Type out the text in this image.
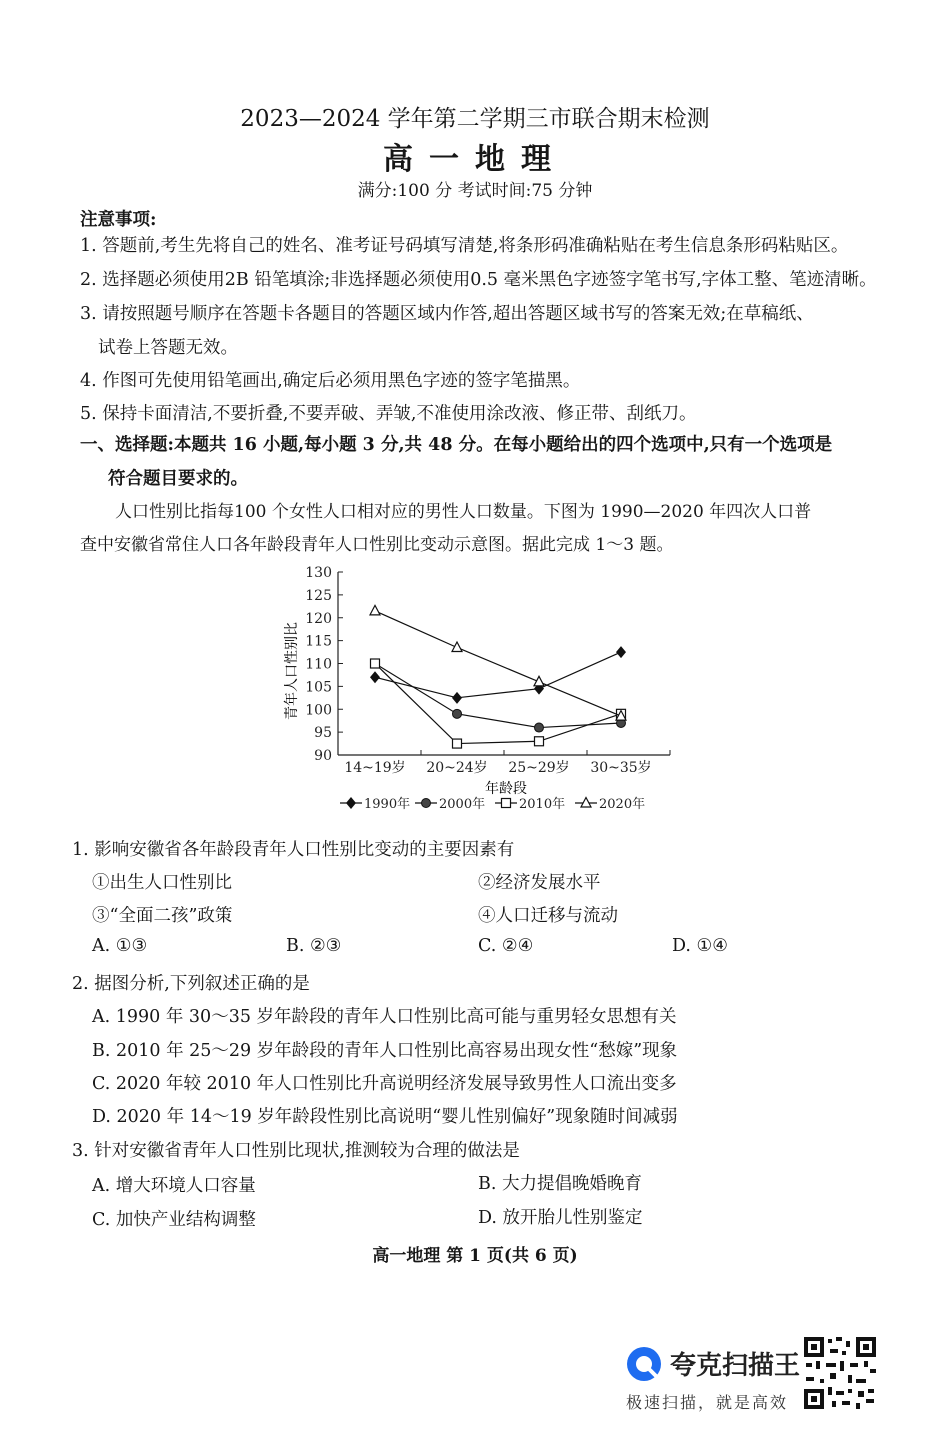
2023—2024 学年第二学期三市联合期末检测
高一地理
满分:100 分 考试时间:75 分钟
注意事项:
1. 答题前,考生先将自己的姓名、准考证号码填写清楚,将条形码准确粘贴在考生信息条形码粘贴区。
2. 选择题必须使用2B 铅笔填涂;非选择题必须使用0.5 毫米黑色字迹签字笔书写,字体工整、笔迹清晰。
3. 请按照题号顺序在答题卡各题目的答题区域内作答,超出答题区域书写的答案无效;在草稿纸、
试卷上答题无效。
4. 作图可先使用铅笔画出,确定后必须用黑色字迹的签字笔描黑。
5. 保持卡面清洁,不要折叠,不要弄破、弄皱,不准使用涂改液、修正带、刮纸刀。
一、选择题:本题共 16 小题,每小题 3 分,共 48 分。在每小题给出的四个选项中,只有一个选项是
符合题目要求的。
人口性别比指每100 个女性人口相对应的男性人口数量。下图为 1990—2020 年四次人口普
查中安徽省常住人口各年龄段青年人口性别比变动示意图。据此完成 1～3 题。
90
95
100
105
110
115
120
125
130
14~19岁 20~24岁 25~29岁 30~35岁
青年人口性别比
年龄段
1990年 2000年	2010年	2020年
1. 影响安徽省各年龄段青年人口性别比变动的主要因素有
①出生人口性别比	②经济发展水平
③“全面二孩”政策	④人口迁移与流动
A. ①③	B. ②③	C. ②④	D. ①④
2. 据图分析,下列叙述正确的是
A. 1990 年 30～35 岁年龄段的青年人口性别比高可能与重男轻女思想有关
B. 2010 年 25～29 岁年龄段的青年人口性别比高容易出现女性“愁嫁”现象
C. 2020 年较 2010 年人口性别比升高说明经济发展导致男性人口流出变多
D. 2020 年 14～19 岁年龄段性别比高说明“婴儿性别偏好”现象随时间减弱
3. 针对安徽省青年人口性别比现状,推测较为合理的做法是
A. 增大环境人口容量	B. 大力提倡晚婚晚育
C. 加快产业结构调整	D. 放开胎儿性别鉴定
高一地理 第 1 页(共 6 页)
夸克扫描王
极速扫描，就是高效
